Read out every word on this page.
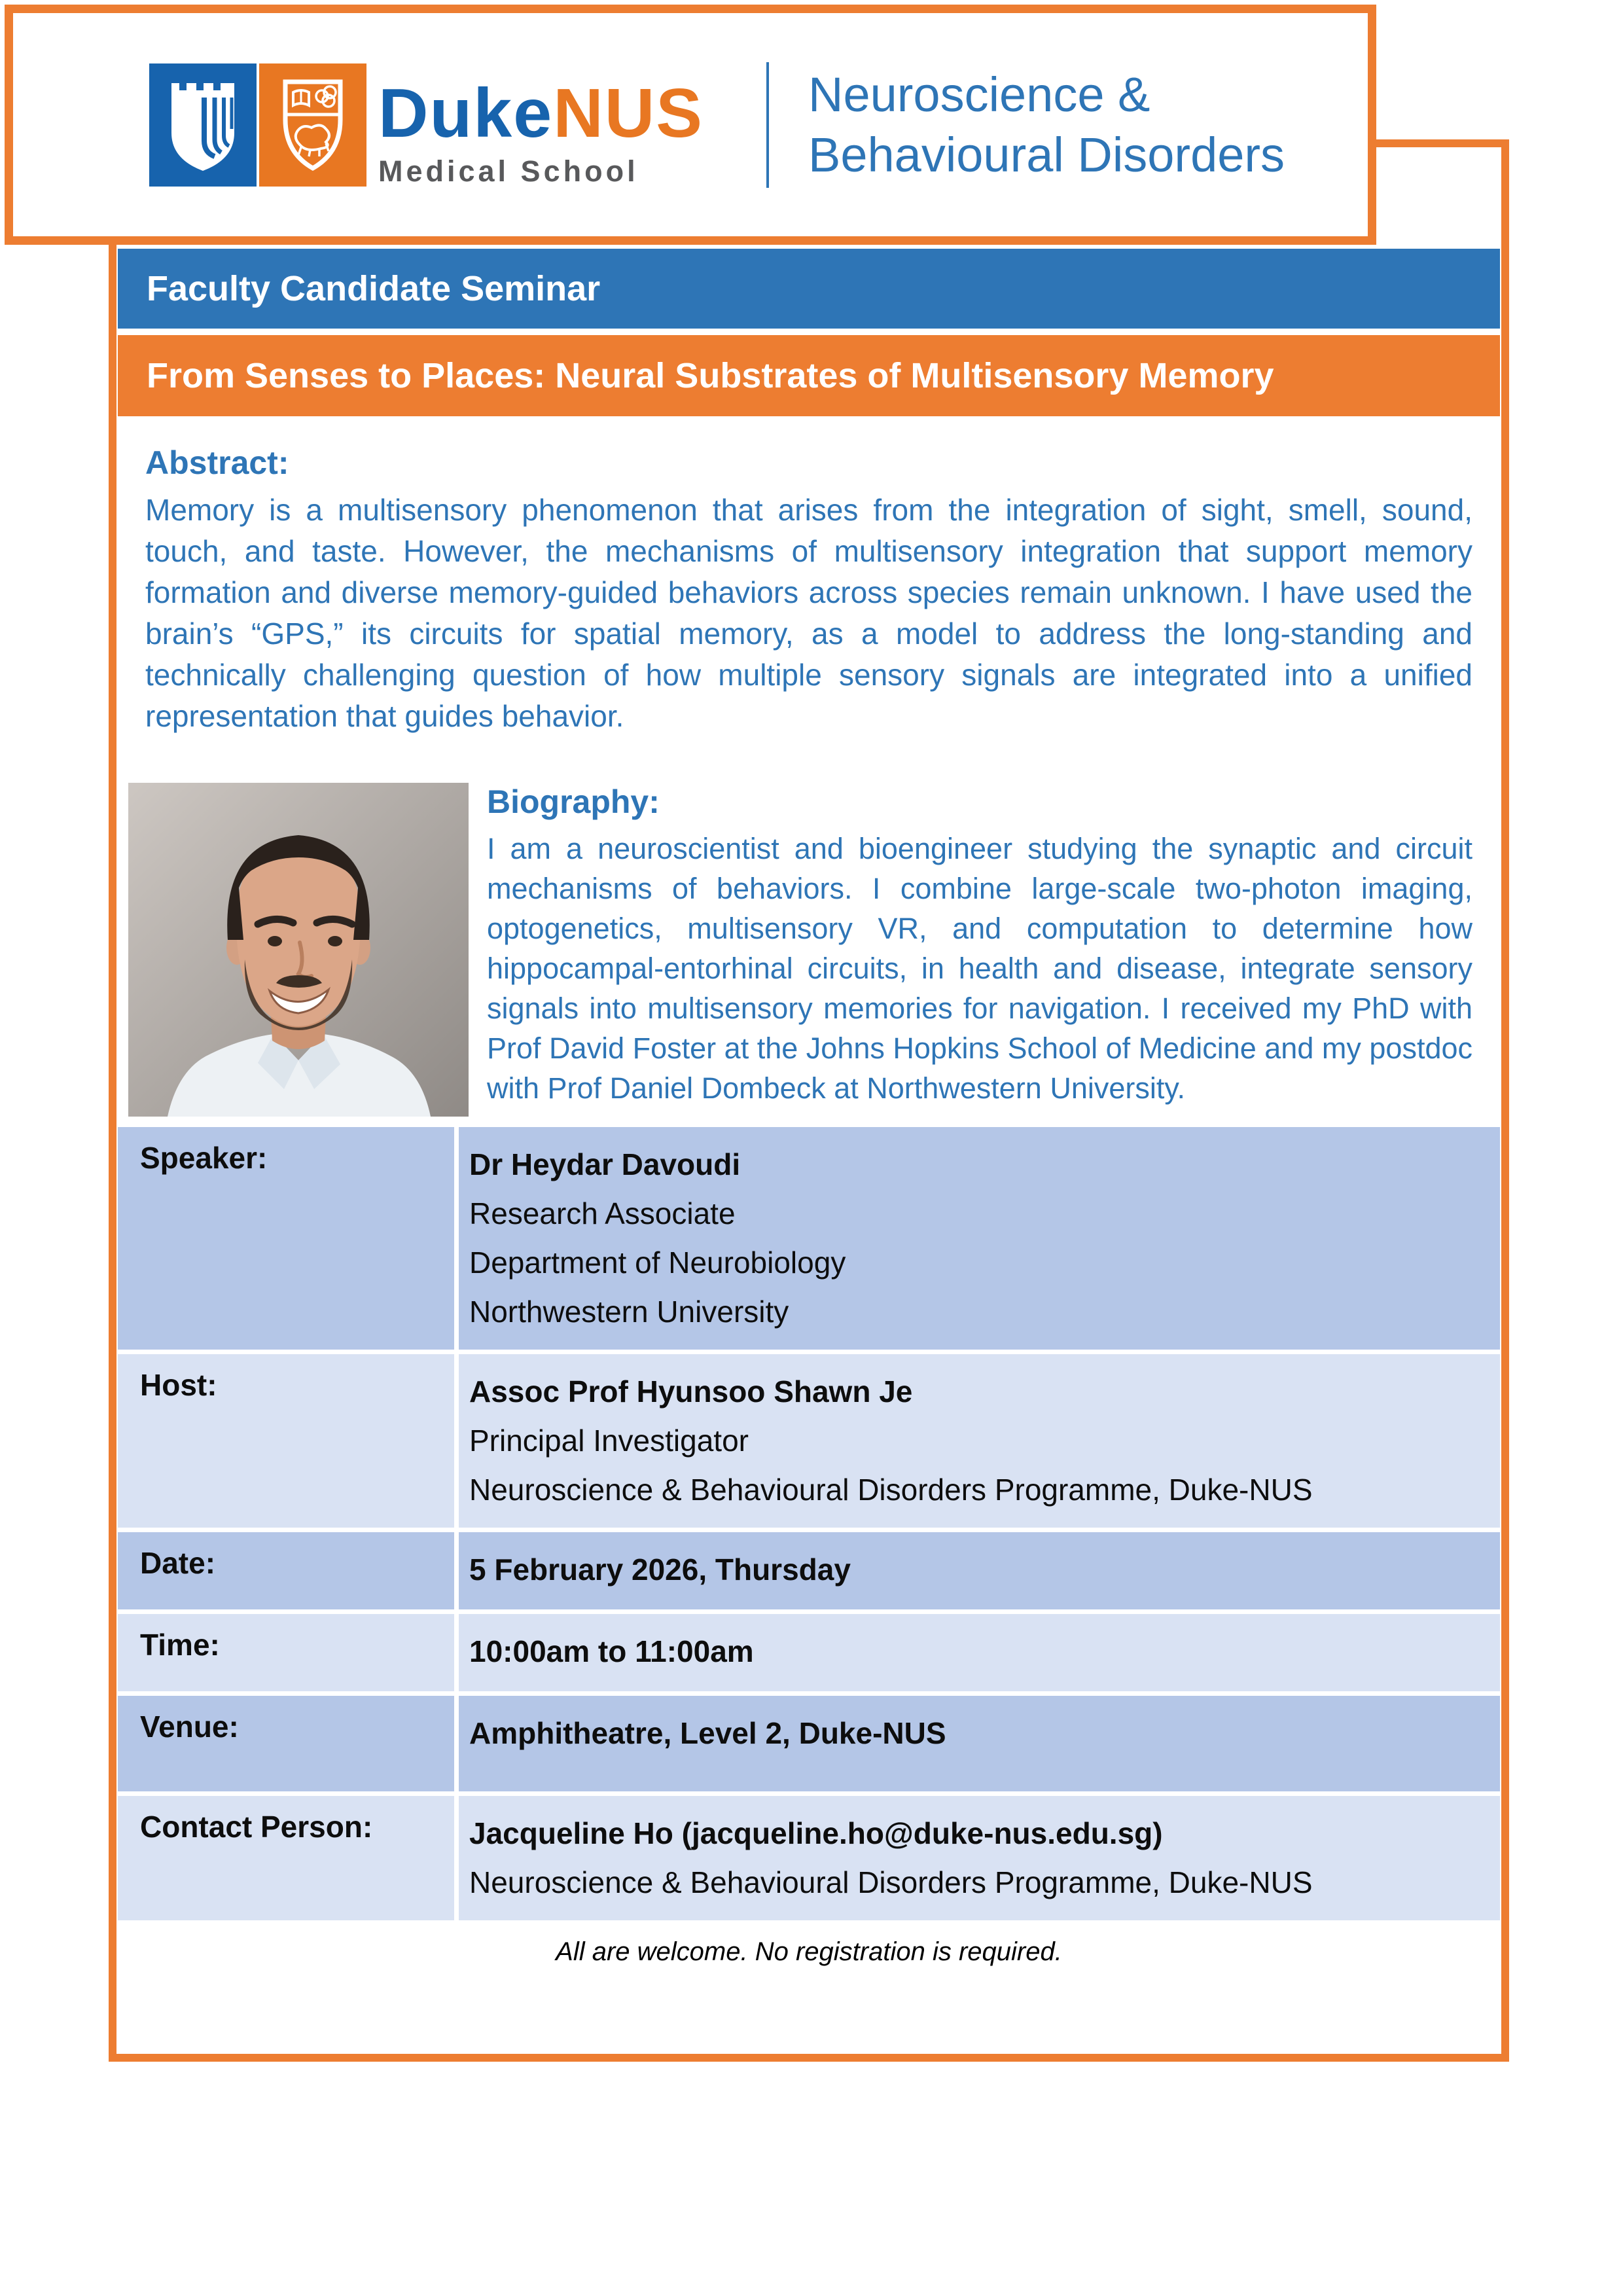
Faculty Candidate Seminar
From Senses to Places: Neural Substrates of Multisensory Memory
Abstract:
Memory is a multisensory phenomenon that arises from the integration of sight, smell, sound, touch, and taste. However, the mechanisms of multisensory integration that support memory formation and diverse memory-guided behaviors across species remain unknown. I have used the brain’s “GPS,” its circuits for spatial memory, as a model to address the long-standing and technically challenging question of how multiple sensory signals are integrated into a unified representation that guides behavior.
Biography:
I am a neuroscientist and bioengineer studying the synaptic and circuit mechanisms of behaviors. I combine large-scale two-photon imaging, optogenetics, multisensory VR, and computation to determine how hippocampal-entorhinal circuits, in health and disease, integrate sensory signals into multisensory memories for navigation. I received my PhD with Prof David Foster at the Johns Hopkins School of Medicine and my postdoc with Prof Daniel Dombeck at Northwestern University.
Speaker:	Dr Heydar Davoudi
Research Associate
Department of Neurobiology
Northwestern University
Host:	Assoc Prof Hyunsoo Shawn Je
Principal Investigator
Neuroscience & Behavioural Disorders Programme, Duke-NUS
Date:	5 February 2026, Thursday
Time:	10:00am to 11:00am
Venue:	Amphitheatre, Level 2, Duke-NUS
Contact Person:	Jacqueline Ho (jacqueline.ho@duke-nus.edu.sg)
Neuroscience & Behavioural Disorders Programme, Duke-NUS
All are welcome. No registration is required.
DukeNUS
Medical School
Neuroscience &
Behavioural Disorders
